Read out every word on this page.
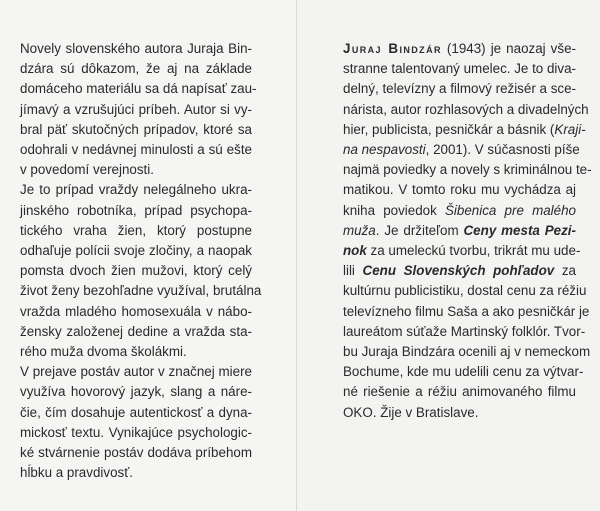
Novely slovenského autora Juraja Bin-
dzára sú dôkazom, že aj na základe
domáceho materiálu sa dá napísať zau-
jímavý a vzrušujúci príbeh. Autor si vy-
bral päť skutočných prípadov, ktoré sa
odohrali v nedávnej minulosti a sú ešte
v povedomí verejnosti.

Je to prípad vraždy nelegálneho ukra-
jinského robotníka, prípad psychopa-
tického vraha žien, ktorý postupne
odhaľuje polícii svoje zločiny, a naopak
pomsta dvoch žien mužovi, ktorý celý
život ženy bezohľadne využíval, brutálna
vražda mladého homosexuála v nábo-
žensky založenej dedine a vražda sta-
rého muža dvoma školákmi.

V prejave postáv autor v značnej miere
využíva hovorový jazyk, slang a náre-
čie, čím dosahuje autentickosť a dyna-
mickosť textu. Vynikajúce psychologic-
ké stvárnenie postáv dodáva príbehom
hĺbku a pravdivosť.

Juraj Bindzár (1943) je naozaj vše-
stranne talentovaný umelec. Je to diva-
delný, televízny a filmový režisér a sce-
nárista, autor rozhlasových a divadelných
hier, publicista, pesničkár a básnik (Kraji-
na nespavosti, 2001). V súčasnosti píše
najmä poviedky a novely s kriminálnou te-
matikou. V tomto roku mu vychádza aj
kniha poviedok Šibenica pre malého
muža. Je držiteľom Ceny mesta Pezi-
nok za umeleckú tvorbu, trikrát mu ude-
lili Cenu Slovenských pohľadov za
kultúrnu publicistiku, dostal cenu za réžiu
televízneho filmu Saša a ako pesničkár je
laureátom súťaže Martinský folklór. Tvor-
bu Juraja Bindzára ocenili aj v nemeckom
Bochume, kde mu udelili cenu za výtvar-
né riešenie a réžiu animovaného filmu
OKO. Žije v Bratislave.
